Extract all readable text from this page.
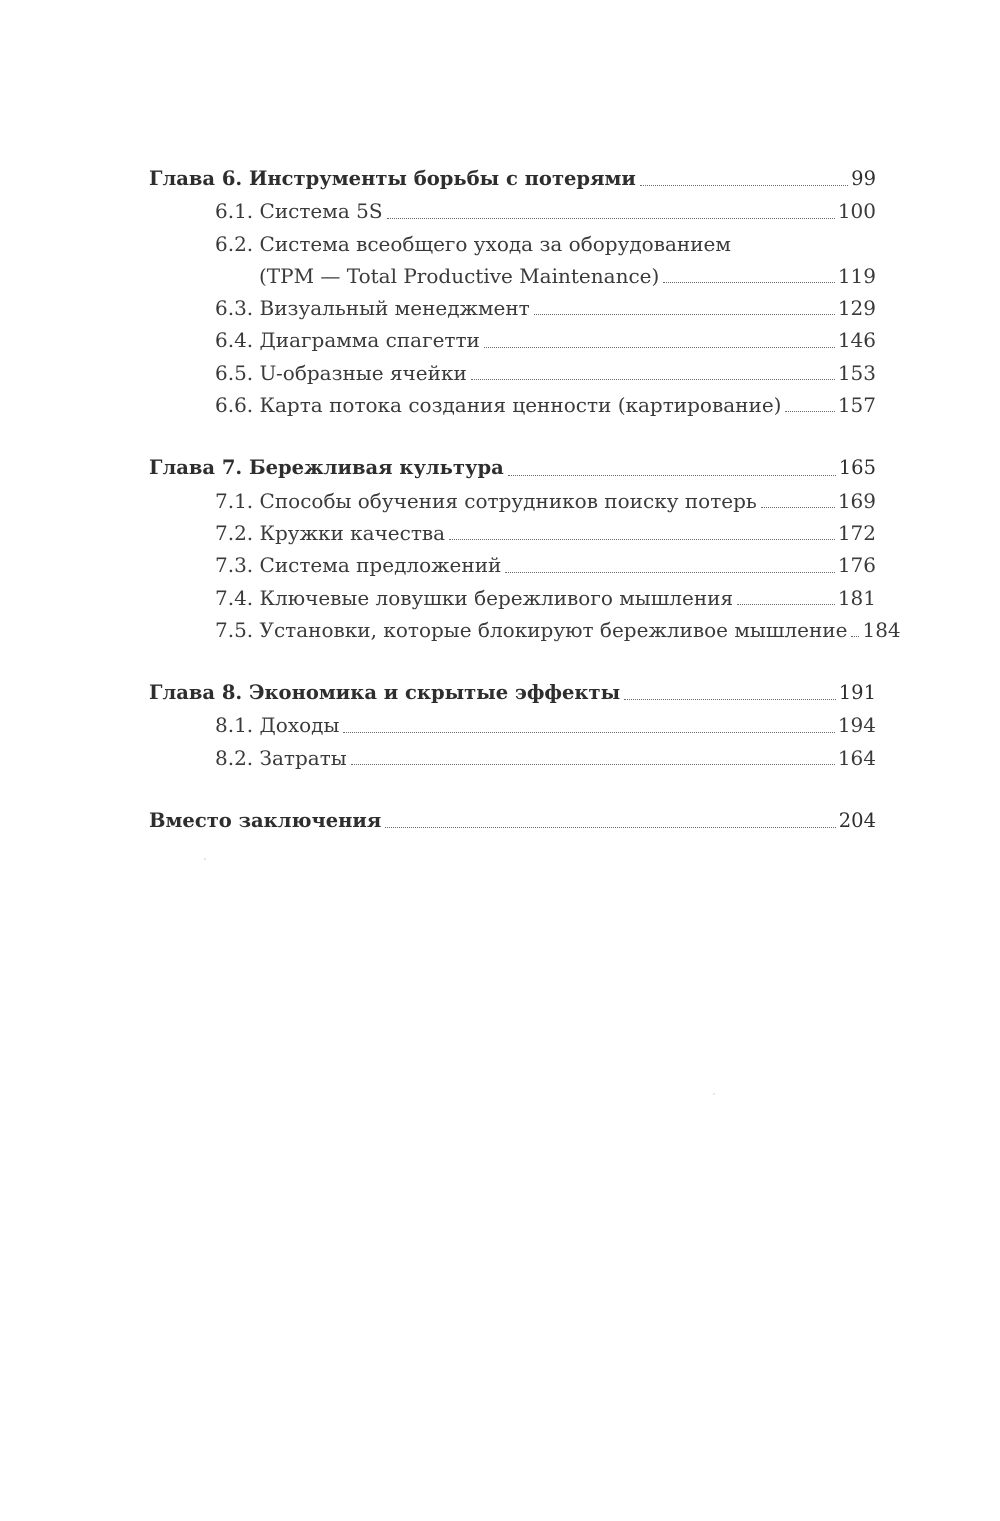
Глава 6. Инструменты борьбы с потерями	99
6.1. Система 5S	100
6.2. Система всеобщего ухода за оборудованием
(TPM — Total Productive Maintenance)	119
6.3. Визуальный менеджмент	129
6.4. Диаграмма спагетти	146
6.5. U-образные ячейки	153
6.6. Карта потока создания ценности (картирование)	157
Глава 7. Бережливая культура	165
7.1. Способы обучения сотрудников поиску потерь	169
7.2. Кружки качества	172
7.3. Система предложений	176
7.4. Ключевые ловушки бережливого мышления	181
7.5. Установки, которые блокируют бережливое мышление 184
Глава 8. Экономика и скрытые эффекты	191
8.1. Доходы	194
8.2. Затраты	164
Вместо заключения	204
